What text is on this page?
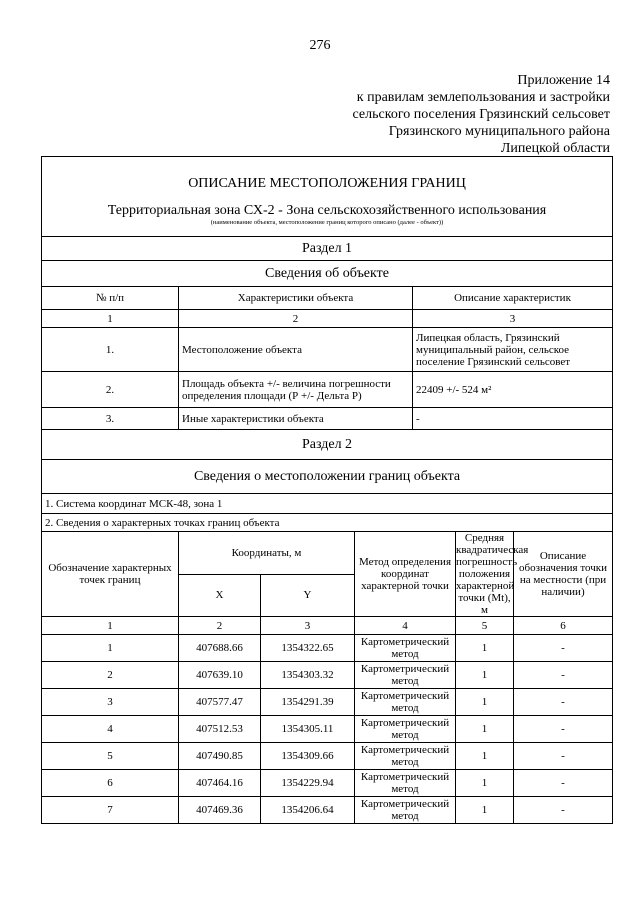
276
Приложение 14
к правилам землепользования и застройки
сельского поселения Грязинский сельсовет
Грязинского муниципального района
Липецкой области
ОПИСАНИЕ МЕСТОПОЛОЖЕНИЯ ГРАНИЦ
Территориальная зона СХ-2 - Зона сельскохозяйственного использования
(наименование объекта, местоположение границ которого описано (далее - объект))						

Раздел 1						
Сведения об объекте						
№ п/п	Характеристики объекта			Описание характеристик		
1	2			3		
1.	Местоположение объекта			Липецкая область, Грязинский муниципальный район, сельское поселение Грязинский сельсовет		
2.	Площадь объекта +/- величина погрешности определения площади (Р +/- Дельта Р)			22409 +/- 524 м²		
3.	Иные характеристики объекта			-		
Раздел 2						
Сведения о местоположении границ объекта						
1. Система координат МСК-48, зона 1						
2. Сведения о характерных точках границ объекта						
Обозначение характерных точек границ	Координаты, м		Метод определения координат характерной точки		Средняя квадратическая погрешность положения характерной точки (Mt), м	Описание обозначения точки на местности (при наличии)
	X	Y				
1	2	3	4		5	6
1	407688.66	1354322.65	Картометрический метод		1	-
2	407639.10	1354303.32	Картометрический метод		1	-
3	407577.47	1354291.39	Картометрический метод		1	-
4	407512.53	1354305.11	Картометрический метод		1	-
5	407490.85	1354309.66	Картометрический метод		1	-
6	407464.16	1354229.94	Картометрический метод		1	-
7	407469.36	1354206.64	Картометрический метод		1	-
